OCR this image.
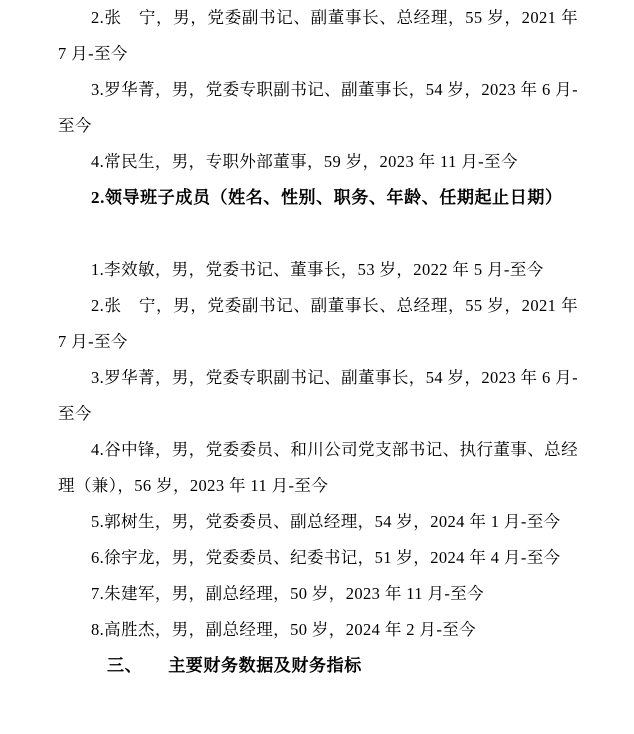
2.张　宁，男，党委副书记、副董事长、总经理，55 岁，2021 年 7 月-至今

3.罗华菁，男，党委专职副书记、副董事长，54 岁，2023 年 6 月-至今

4.常民生，男，专职外部董事，59 岁，2023 年 11 月-至今

2.领导班子成员（姓名、性别、职务、年龄、任期起止日期）

1.李效敏，男，党委书记、董事长，53 岁，2022 年 5 月-至今

2.张　宁，男，党委副书记、副董事长、总经理，55 岁，2021 年 7 月-至今

3.罗华菁，男，党委专职副书记、副董事长，54 岁，2023 年 6 月-至今

4.谷中锋，男，党委委员、和川公司党支部书记、执行董事、总经理（兼），56 岁，2023 年 11 月-至今

5.郭树生，男，党委委员、副总经理，54 岁，2024 年 1 月-至今

6.徐宇龙，男，党委委员、纪委书记，51 岁，2024 年 4 月-至今

7.朱建军，男，副总经理，50 岁，2023 年 11 月-至今

8.高胜杰，男，副总经理，50 岁，2024 年 2 月-至今

三、 主要财务数据及财务指标
